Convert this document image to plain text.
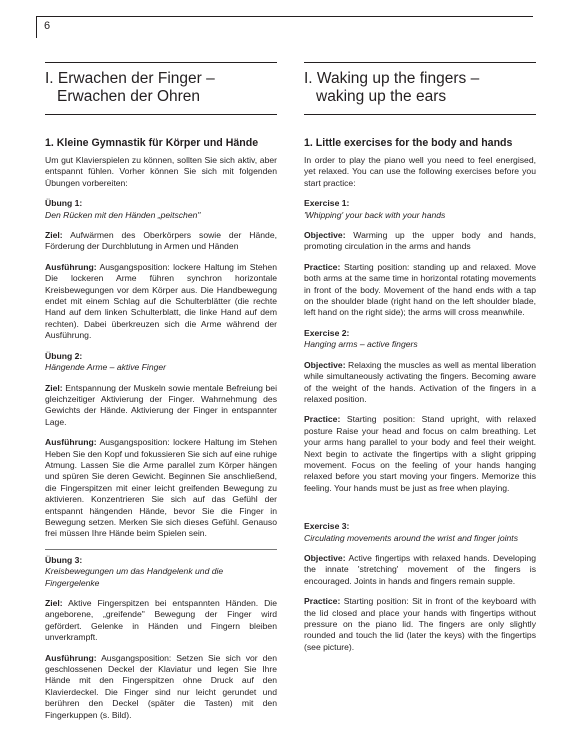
6
I. Erwachen der Finger –
Erwachen der Ohren
1. Kleine Gymnastik für Körper und Hände

Um gut Klavierspielen zu können, sollten Sie sich aktiv, aber entspannt fühlen. Vorher können Sie sich mit folgenden Übungen vorbereiten:

Übung 1:
Den Rücken mit den Händen „peitschen"

Ziel: Aufwärmen des Oberkörpers sowie der Hände, Förderung der Durchblutung in Armen und Händen

Ausführung: Ausgangsposition: lockere Haltung im Stehen Die lockeren Arme führen synchron horizontale Kreisbewegungen vor dem Körper aus. Die Handbewegung endet mit einem Schlag auf die Schulterblätter (die rechte Hand auf dem linken Schulterblatt, die linke Hand auf dem rechten). Dabei überkreuzen sich die Arme während der Ausführung.

Übung 2:
Hängende Arme – aktive Finger

Ziel: Entspannung der Muskeln sowie mentale Befreiung bei gleichzeitiger Aktivierung der Finger. Wahrnehmung des Gewichts der Hände. Aktivierung der Finger in entspannter Lage.

Ausführung: Ausgangsposition: lockere Haltung im Stehen Heben Sie den Kopf und fokussieren Sie sich auf eine ruhige Atmung. Lassen Sie die Arme parallel zum Körper hängen und spüren Sie deren Gewicht. Beginnen Sie anschließend, die Fingerspitzen mit einer leicht greifenden Bewegung zu aktivieren. Konzentrieren Sie sich auf das Gefühl der entspannt hängenden Hände, bevor Sie die Finger in Bewegung setzen. Merken Sie sich dieses Gefühl. Genauso frei müssen Ihre Hände beim Spielen sein.

Übung 3:
Kreisbewegungen um das Handgelenk und die Fingergelenke

Ziel: Aktive Fingerspitzen bei entspannten Händen. Die angeborene, „greifende" Bewegung der Finger wird gefördert. Gelenke in Händen und Fingern bleiben unverkrampft.

Ausführung: Ausgangsposition: Setzen Sie sich vor den geschlossenen Deckel der Klaviatur und legen Sie Ihre Hände mit den Fingerspitzen ohne Druck auf den Klavierdeckel. Die Finger sind nur leicht gerundet und berühren den Deckel (später die Tasten) mit den Fingerkuppen (s. Bild).

I. Waking up the fingers –
waking up the ears
1. Little exercises for the body and hands

In order to play the piano well you need to feel energised, yet relaxed. You can use the following exercises before you start practice:

Exercise 1:
'Whipping' your back with your hands

Objective: Warming up the upper body and hands, promoting circulation in the arms and hands

Practice: Starting position: standing up and relaxed. Move both arms at the same time in horizontal rotating movements in front of the body. Movement of the hand ends with a tap on the shoulder blade (right hand on the left shoulder blade, left hand on the right side); the arms will cross meanwhile.

Exercise 2:
Hanging arms – active fingers

Objective: Relaxing the muscles as well as mental liberation while simultaneously activating the fingers. Becoming aware of the weight of the hands. Activation of the fingers in a relaxed position.

Practice: Starting position: Stand upright, with relaxed posture Raise your head and focus on calm breathing. Let your arms hang parallel to your body and feel their weight. Next begin to activate the fingertips with a slight gripping movement. Focus on the feeling of your hands hanging relaxed before you start moving your fingers. Memorize this feeling. Your hands must be just as free when playing.

Exercise 3:
Circulating movements around the wrist and finger joints

Objective: Active fingertips with relaxed hands. Developing the innate 'stretching' movement of the fingers is encouraged. Joints in hands and fingers remain supple.

Practice: Starting position: Sit in front of the keyboard with the lid closed and place your hands with fingertips without pressure on the piano lid. The fingers are only slightly rounded and touch the lid (later the keys) with the fingertips (see picture).
